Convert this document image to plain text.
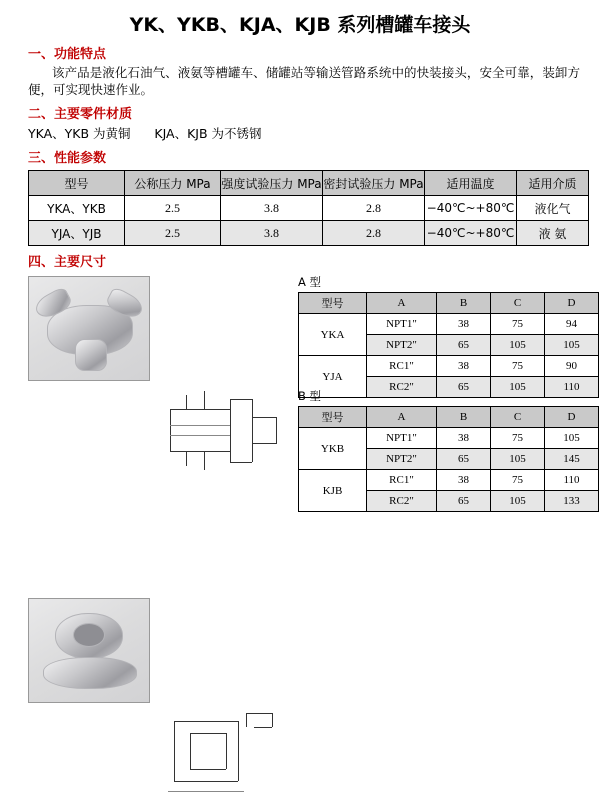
YK、YKB、KJA、KJB 系列槽罐车接头
一、功能特点
该产品是液化石油气、液氨等槽罐车、储罐站等输送管路系统中的快装接头，安全可靠，装卸方便，可实现快速作业。
二、主要零件材质
YKA、YKB 为黄铜      KJA、KJB 为不锈钢
三、性能参数
型号	公称压力 MPa	强度试验压力 MPa	密封试验压力 MPa	适用温度	适用介质
YKA、YKB	2.5	3.8	2.8	−40℃~+80℃	液化气
YJA、YJB	2.5	3.8	2.8	−40℃~+80℃	液 氨
四、主要尺寸
A 型
型号	A	B	C	D
YKA	NPT1"	38	75	94
	NPT2"	65	105	105
YJA	RC1"	38	75	90
	RC2"	65	105	110
B 型
型号	A	B	C	D
YKB	NPT1"	38	75	105
	NPT2"	65	105	145
KJB	RC1"	38	75	110
	RC2"	65	105	133
